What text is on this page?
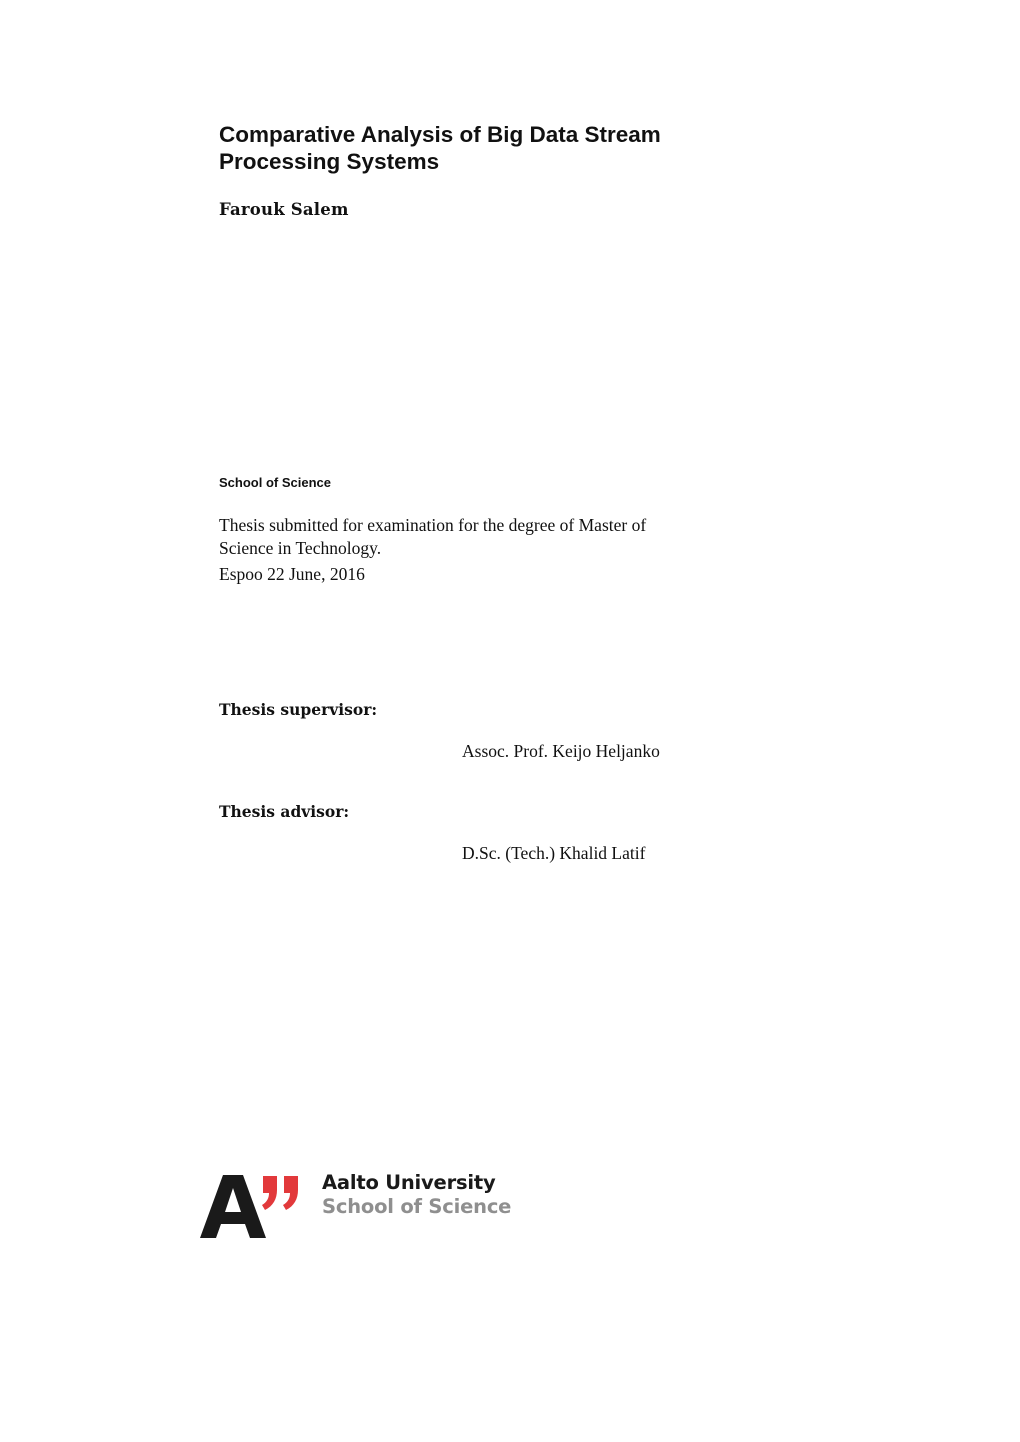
Comparative Analysis of Big Data Stream
Processing Systems
Farouk Salem
School of Science
Thesis submitted for examination for the degree of Master of
Science in Technology.
Espoo 22 June, 2016
Thesis supervisor:
Assoc. Prof. Keijo Heljanko
Thesis advisor:
D.Sc. (Tech.) Khalid Latif
Aalto University
School of Science
